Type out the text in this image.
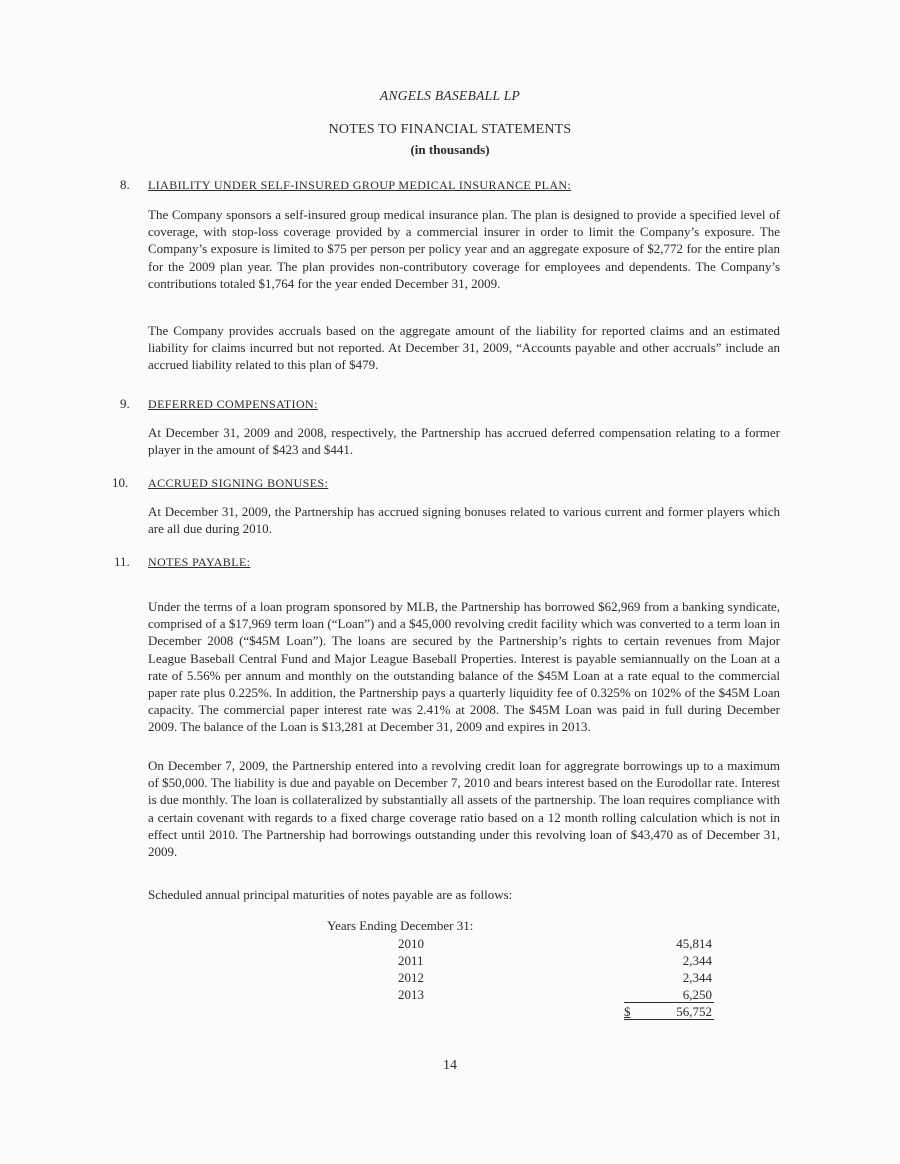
ANGELS BASEBALL LP
NOTES TO FINANCIAL STATEMENTS
(in thousands)
8. LIABILITY UNDER SELF-INSURED GROUP MEDICAL INSURANCE PLAN:

The Company sponsors a self-insured group medical insurance plan. The plan is designed to provide a specified level of coverage, with stop-loss coverage provided by a commercial insurer in order to limit the Company’s exposure. The Company’s exposure is limited to $75 per person per policy year and an aggregate exposure of $2,772 for the entire plan for the 2009 plan year. The plan provides non-contributory coverage for employees and dependents. The Company’s contributions totaled $1,764 for the year ended December 31, 2009.

The Company provides accruals based on the aggregate amount of the liability for reported claims and an estimated liability for claims incurred but not reported. At December 31, 2009, “Accounts payable and other accruals” include an accrued liability related to this plan of $479.

9. DEFERRED COMPENSATION:

At December 31, 2009 and 2008, respectively, the Partnership has accrued deferred compensation relating to a former player in the amount of $423 and $441.

10. ACCRUED SIGNING BONUSES:

At December 31, 2009, the Partnership has accrued signing bonuses related to various current and former players which are all due during 2010.

11. NOTES PAYABLE:

Under the terms of a loan program sponsored by MLB, the Partnership has borrowed $62,969 from a banking syndicate, comprised of a $17,969 term loan (“Loan”) and a $45,000 revolving credit facility which was converted to a term loan in December 2008 (“$45M Loan”). The loans are secured by the Partnership’s rights to certain revenues from Major League Baseball Central Fund and Major League Baseball Properties. Interest is payable semiannually on the Loan at a rate of 5.56% per annum and monthly on the outstanding balance of the $45M Loan at a rate equal to the commercial paper rate plus 0.225%. In addition, the Partnership pays a quarterly liquidity fee of 0.325% on 102% of the $45M Loan capacity. The commercial paper interest rate was 2.41% at 2008. The $45M Loan was paid in full during December 2009. The balance of the Loan is $13,281 at December 31, 2009 and expires in 2013.

On December 7, 2009, the Partnership entered into a revolving credit loan for aggregrate borrowings up to a maximum of $50,000. The liability is due and payable on December 7, 2010 and bears interest based on the Eurodollar rate. Interest is due monthly. The loan is collateralized by substantially all assets of the partnership. The loan requires compliance with a certain covenant with regards to a fixed charge coverage ratio based on a 12 month rolling calculation which is not in effect until 2010. The Partnership had borrowings outstanding under this revolving loan of $43,470 as of December 31, 2009.

Scheduled annual principal maturities of notes payable are as follows:

Years Ending December 31:
2010	45,814
2011	2,344
2012	2,344
2013	6,250
$	56,752
14
